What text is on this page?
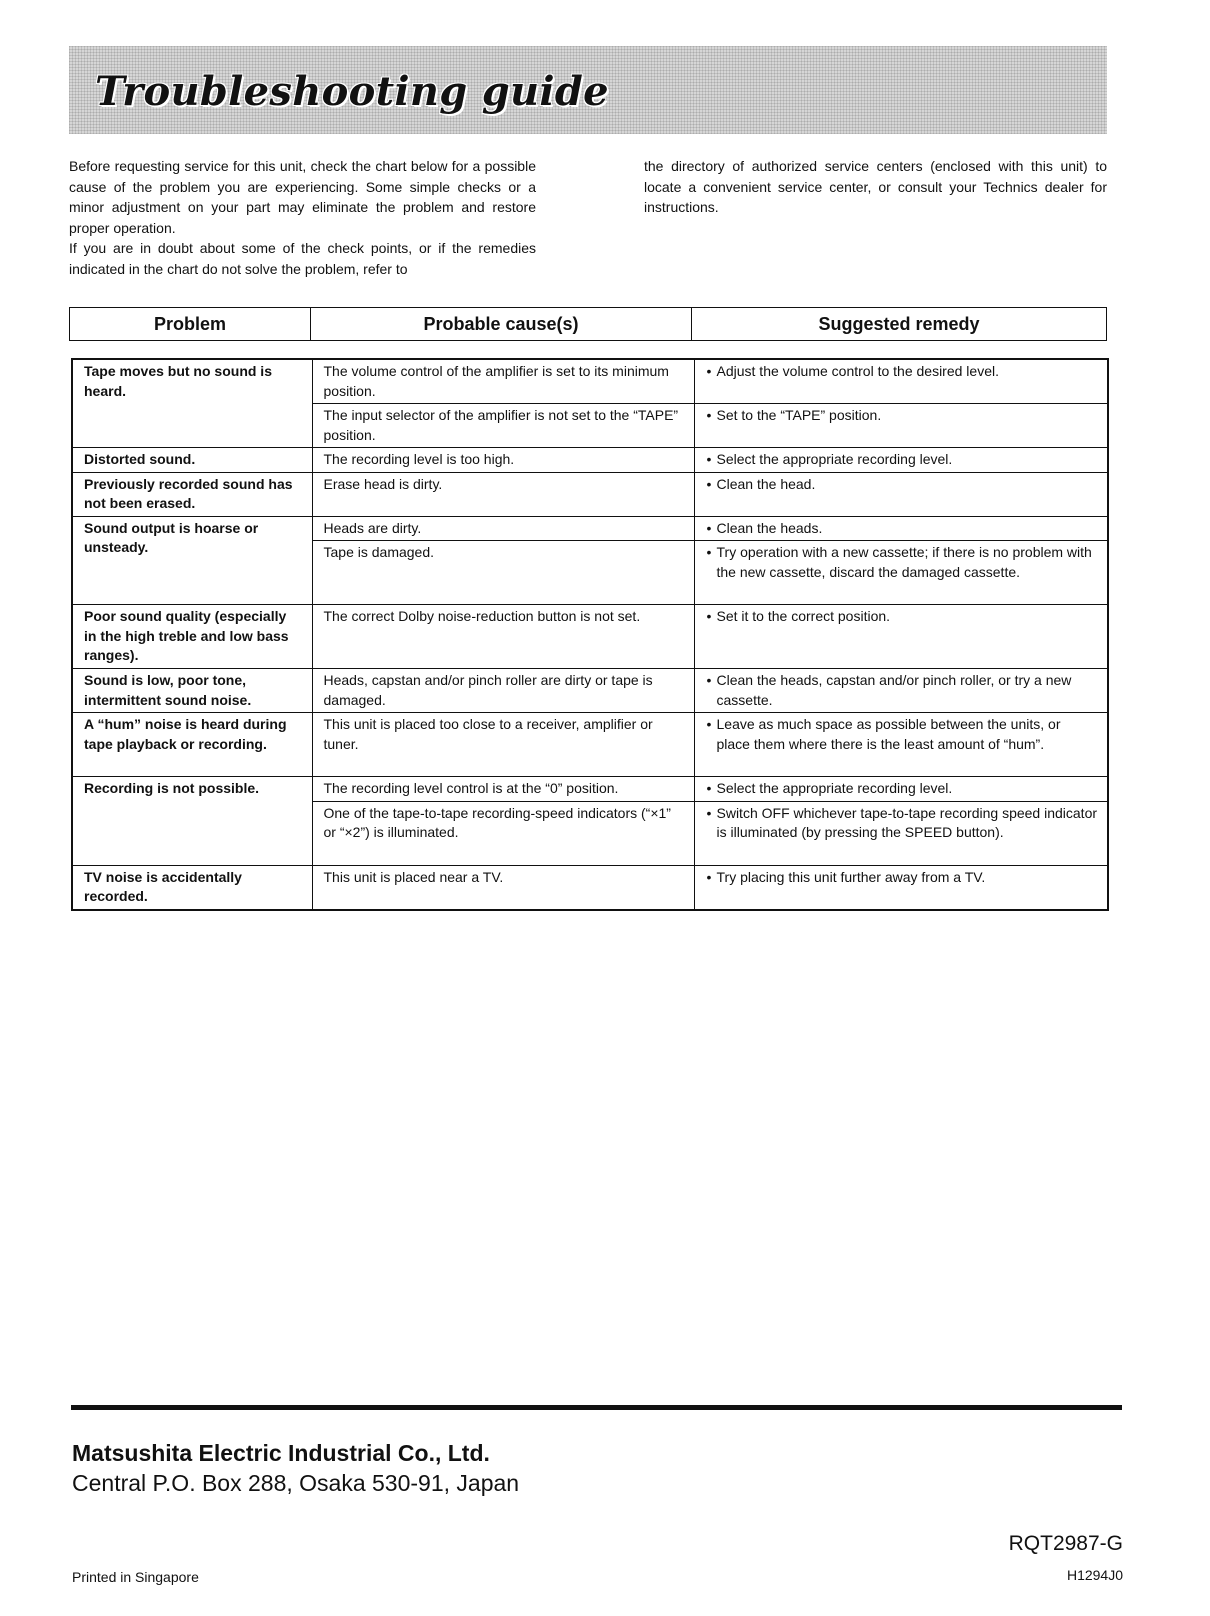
Troubleshooting guide

Before requesting service for this unit, check the chart below for a possible cause of the problem you are experiencing. Some simple checks or a minor adjustment on your part may eliminate the problem and restore proper operation.

If you are in doubt about some of the check points, or if the remedies indicated in the chart do not solve the problem, refer to

the directory of authorized service centers (enclosed with this unit) to locate a convenient service center, or consult your Technics dealer for instructions.

Problem	Probable cause(s)	Suggested remedy
Tape moves but no sound is heard.	The volume control of the amplifier is set to its minimum position.	• Adjust the volume control to the desired level.
	The input selector of the amplifier is not set to the “TAPE” position.	• Set to the “TAPE” position.
Distorted sound.	The recording level is too high.	• Select the appropriate recording level.
Previously recorded sound has not been erased.	Erase head is dirty.	• Clean the head.
Sound output is hoarse or unsteady.	Heads are dirty.	• Clean the heads.
	Tape is damaged.	• Try operation with a new cassette; if there is no problem with the new cassette, discard the damaged cassette.
Poor sound quality (especially in the high treble and low bass ranges).	The correct Dolby noise-reduction button is not set.	• Set it to the correct position.
Sound is low, poor tone, intermittent sound noise.	Heads, capstan and/or pinch roller are dirty or tape is damaged.	• Clean the heads, capstan and/or pinch roller, or try a new cassette.
A “hum” noise is heard during tape playback or recording.	This unit is placed too close to a receiver, amplifier or tuner.	• Leave as much space as possible between the units, or place them where there is the least amount of “hum”.
Recording is not possible.	The recording level control is at the “0” position.	• Select the appropriate recording level.
	One of the tape-to-tape recording-speed indicators (“×1” or “×2”) is illuminated.	• Switch OFF whichever tape-to-tape recording speed indicator is illuminated (by pressing the SPEED button).
TV noise is accidentally recorded.	This unit is placed near a TV.	• Try placing this unit further away from a TV.
Matsushita Electric Industrial Co., Ltd.
Central P.O. Box 288, Osaka 530-91, Japan
RQT2987-G
Printed in Singapore	H1294J0
